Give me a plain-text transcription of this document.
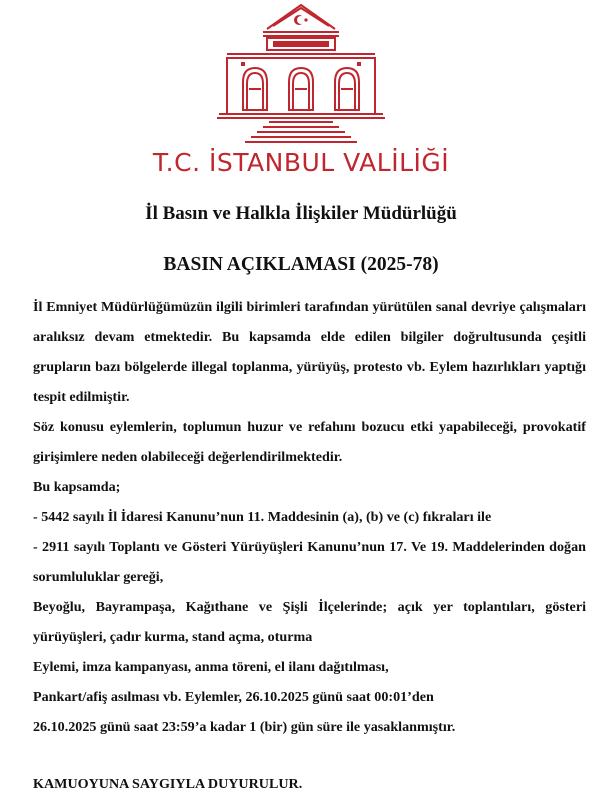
T.C. İSTANBUL VALİLİĞİ
İl Basın ve Halkla İlişkiler Müdürlüğü
BASIN AÇIKLAMASI (2025-78)

İl Emniyet Müdürlüğümüzün ilgili birimleri tarafından yürütülen sanal devriye çalışmaları aralıksız devam etmektedir. Bu kapsamda elde edilen bilgiler doğrultusunda çeşitli grupların bazı bölgelerde illegal toplanma, yürüyüş, protesto vb. Eylem hazırlıkları yaptığı tespit edilmiştir.

Söz konusu eylemlerin, toplumun huzur ve refahını bozucu etki yapabileceği, provokatif girişimlere neden olabileceği değerlendirilmektedir.

Bu kapsamda;

- 5442 sayılı İl İdaresi Kanunu’nun 11. Maddesinin (a), (b) ve (c) fıkraları ile

- 2911 sayılı Toplantı ve Gösteri Yürüyüşleri Kanunu’nun 17. Ve 19. Maddelerinden doğan sorumluluklar gereği,

Beyoğlu, Bayrampaşa, Kağıthane ve Şişli İlçelerinde; açık yer toplantıları, gösteri yürüyüşleri, çadır kurma, stand açma, oturma

Eylemi, imza kampanyası, anma töreni, el ilanı dağıtılması,

Pankart/afiş asılması vb. Eylemler, 26.10.2025 günü saat 00:01’den

26.10.2025 günü saat 23:59’a kadar 1 (bir) gün süre ile yasaklanmıştır.

KAMUOYUNA SAYGIYLA DUYURULUR.
